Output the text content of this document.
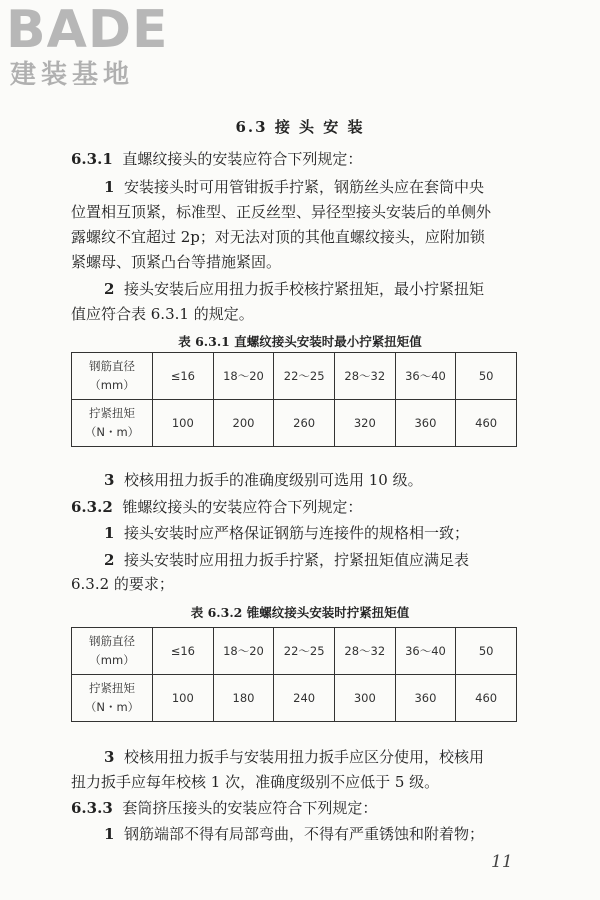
BADE
建装基地
6.3 接 头 安 装
6.3.1 直螺纹接头的安装应符合下列规定：
1 安装接头时可用管钳扳手拧紧，钢筋丝头应在套筒中央
位置相互顶紧，标准型、正反丝型、异径型接头安装后的单侧外
露螺纹不宜超过 2p；对无法对顶的其他直螺纹接头，应附加锁
紧螺母、顶紧凸台等措施紧固。
2 接头安装后应用扭力扳手校核拧紧扭矩，最小拧紧扭矩
值应符合表 6.3.1 的规定。
表 6.3.1 直螺纹接头安装时最小拧紧扭矩值
钢筋直径
（mm）	≤16	18～20	22～25	28～32	36～40	50
拧紧扭矩
（N・m）	100	200	260	320	360	460
3 校核用扭力扳手的准确度级别可选用 10 级。
6.3.2 锥螺纹接头的安装应符合下列规定：
1 接头安装时应严格保证钢筋与连接件的规格相一致；
2 接头安装时应用扭力扳手拧紧，拧紧扭矩值应满足表
6.3.2 的要求；
表 6.3.2 锥螺纹接头安装时拧紧扭矩值
钢筋直径
（mm）	≤16	18～20	22～25	28～32	36～40	50
拧紧扭矩
（N・m）	100	180	240	300	360	460
3 校核用扭力扳手与安装用扭力扳手应区分使用，校核用
扭力扳手应每年校核 1 次，准确度级别不应低于 5 级。
6.3.3 套筒挤压接头的安装应符合下列规定：
1 钢筋端部不得有局部弯曲，不得有严重锈蚀和附着物；
11
